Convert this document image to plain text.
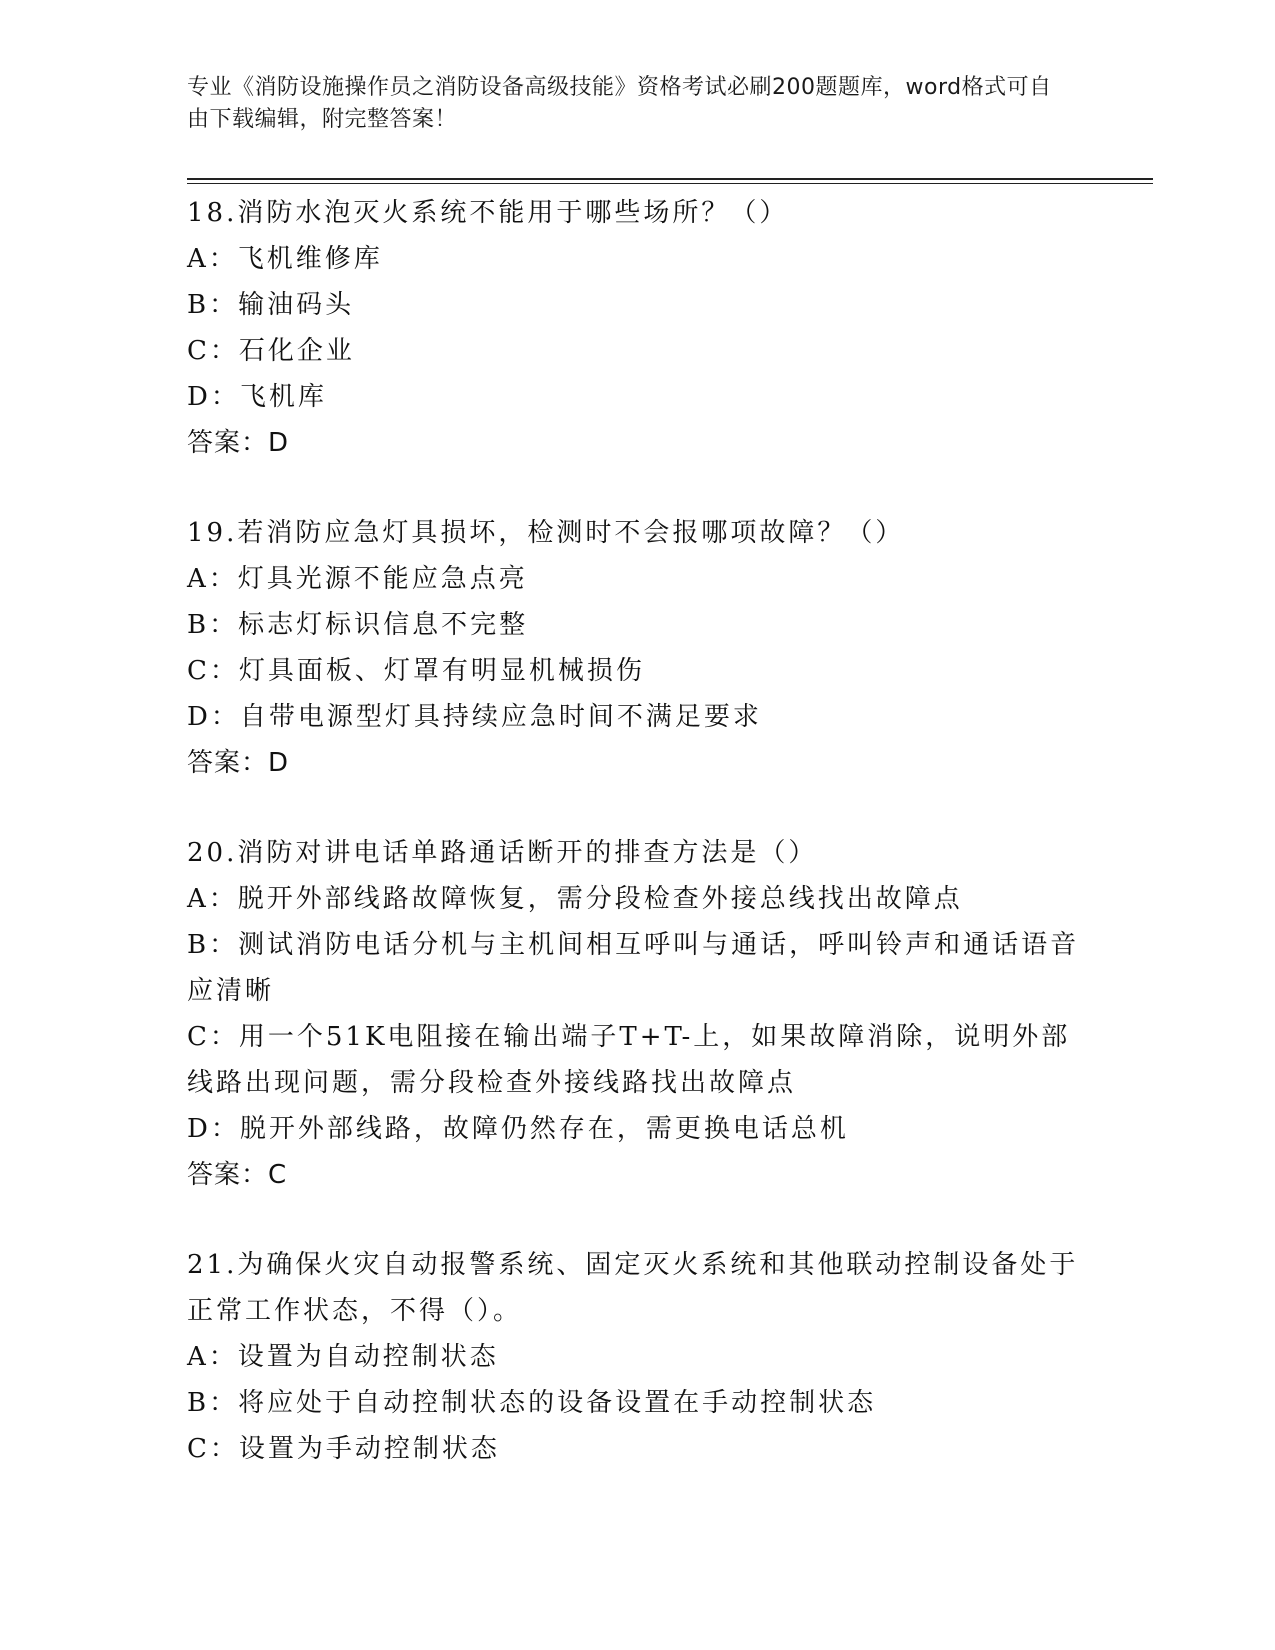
专业《消防设施操作员之消防设备高级技能》资格考试必刷200题题库，word格式可自由下载编辑，附完整答案！
18.消防水泡灭火系统不能用于哪些场所？（）
A：飞机维修库
B：输油码头
C：石化企业
D：飞机库
答案：D
19.若消防应急灯具损坏，检测时不会报哪项故障？（）
A：灯具光源不能应急点亮
B：标志灯标识信息不完整
C：灯具面板、灯罩有明显机械损伤
D：自带电源型灯具持续应急时间不满足要求
答案：D
20.消防对讲电话单路通话断开的排查方法是（）
A：脱开外部线路故障恢复，需分段检查外接总线找出故障点
B：测试消防电话分机与主机间相互呼叫与通话，呼叫铃声和通话语音应清晰
C：用一个51K电阻接在输出端子T+T-上，如果故障消除，说明外部线路出现问题，需分段检查外接线路找出故障点
D：脱开外部线路，故障仍然存在，需更换电话总机
答案：C
21.为确保火灾自动报警系统、固定灭火系统和其他联动控制设备处于正常工作状态，不得（）。
A：设置为自动控制状态
B：将应处于自动控制状态的设备设置在手动控制状态
C：设置为手动控制状态
